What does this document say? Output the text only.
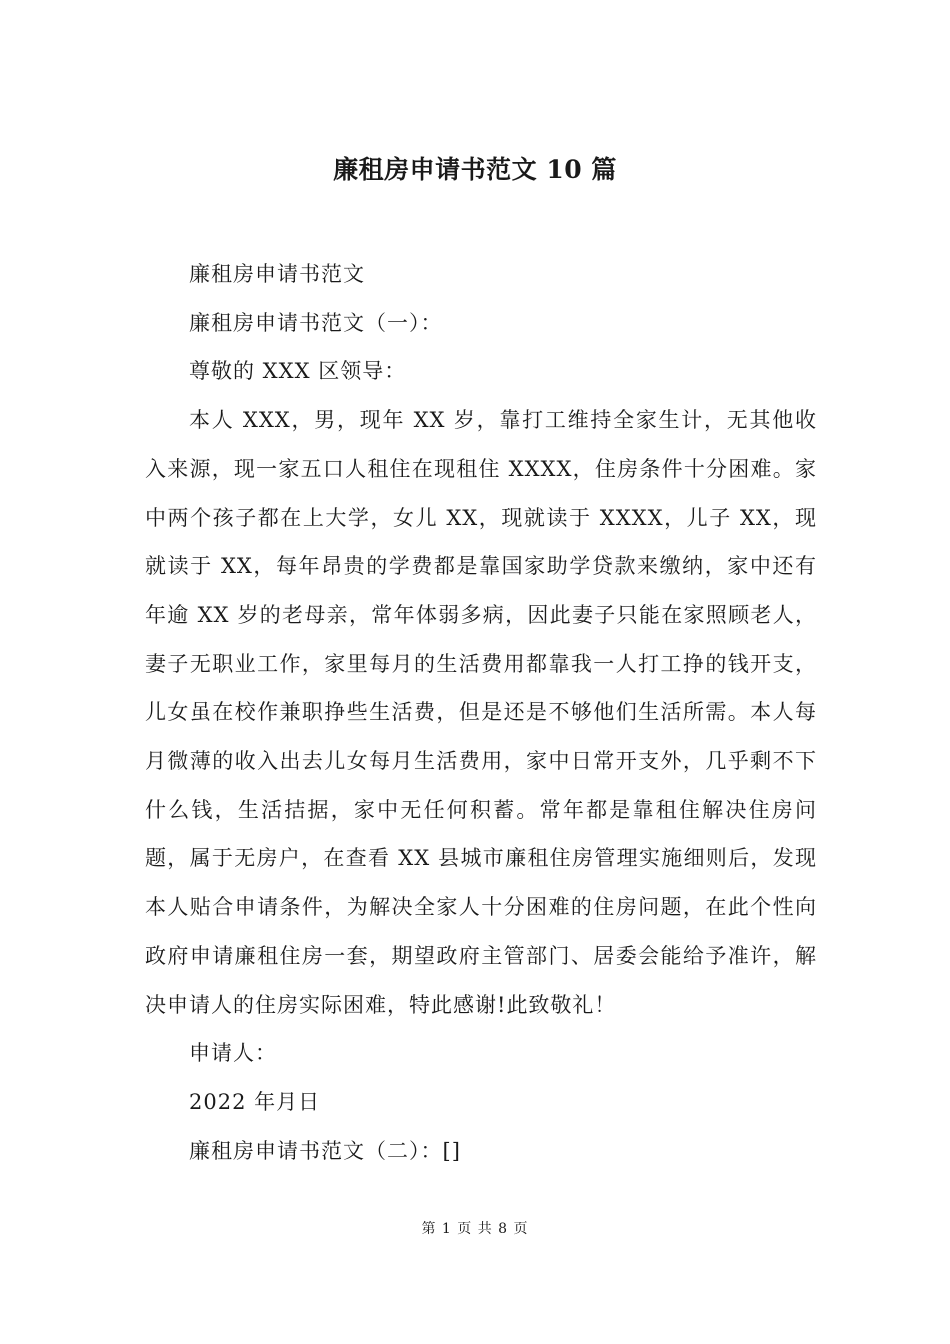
廉租房申请书范文 10 篇

廉租房申请书范文

廉租房申请书范文（一）：

尊敬的 XXX 区领导：

本人 XXX，男，现年 XX 岁，靠打工维持全家生计，无其他收入来源，现一家五口人租住在现租住 XXXX，住房条件十分困难。家中两个孩子都在上大学，女儿 XX，现就读于 XXXX，儿子 XX，现就读于 XX，每年昂贵的学费都是靠国家助学贷款来缴纳，家中还有年逾 XX 岁的老母亲，常年体弱多病，因此妻子只能在家照顾老人，妻子无职业工作，家里每月的生活费用都靠我一人打工挣的钱开支，儿女虽在校作兼职挣些生活费，但是还是不够他们生活所需。本人每月微薄的收入出去儿女每月生活费用，家中日常开支外，几乎剩不下什么钱，生活拮据，家中无任何积蓄。常年都是靠租住解决住房问题，属于无房户，在查看 XX 县城市廉租住房管理实施细则后，发现本人贴合申请条件，为解决全家人十分困难的住房问题，在此个性向政府申请廉租住房一套，期望政府主管部门、居委会能给予准许，解决申请人的住房实际困难，特此感谢!此致敬礼！

申请人：

2022 年月日

廉租房申请书范文（二）：[]

第 1 页 共 8 页
